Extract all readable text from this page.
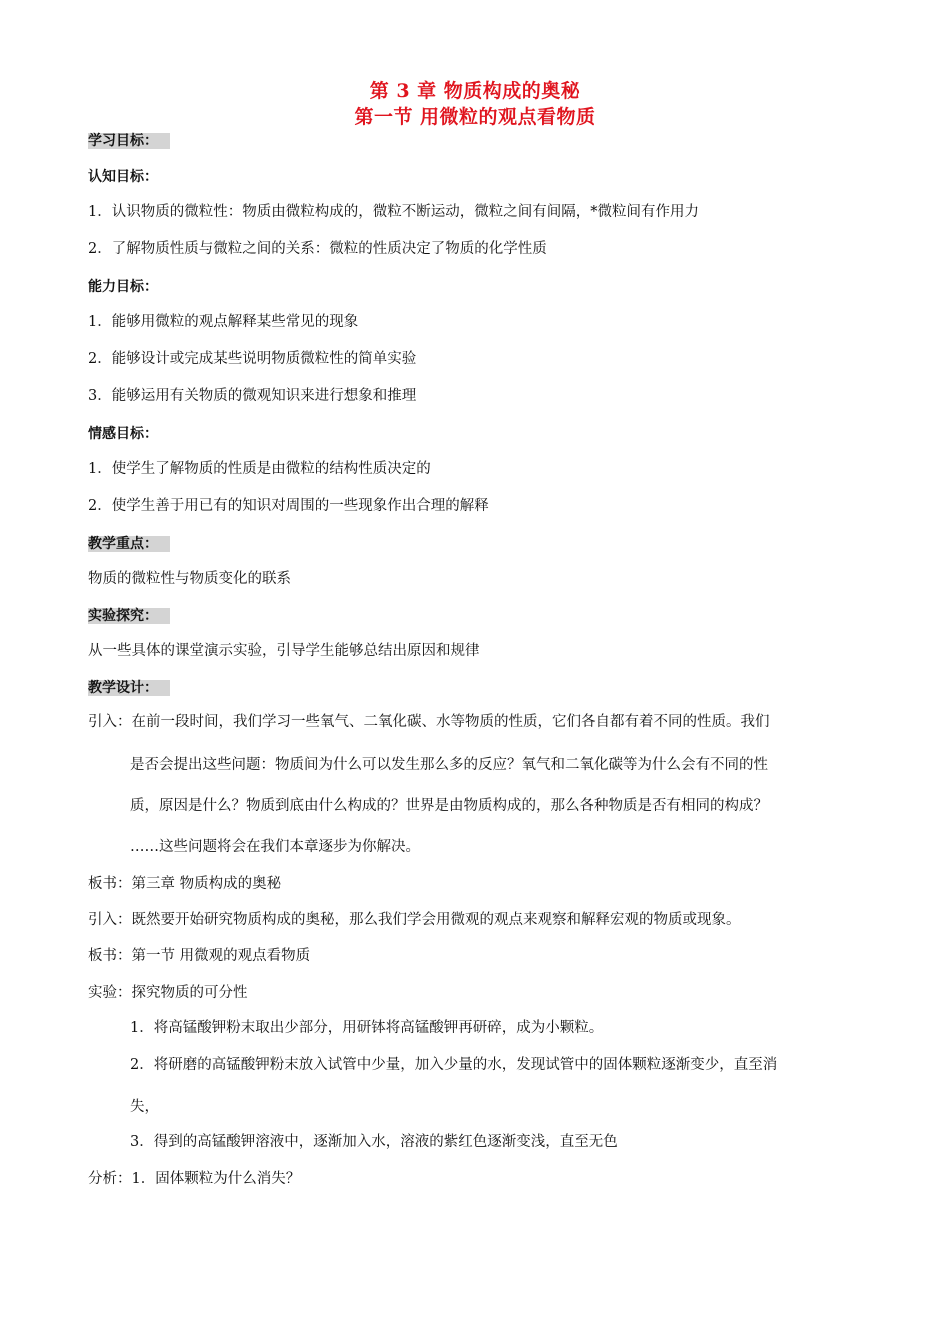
第 3 章 物质构成的奥秘
第一节 用微粒的观点看物质
学习目标：
认知目标：
1．认识物质的微粒性：物质由微粒构成的，微粒不断运动，微粒之间有间隔，*微粒间有作用力
2．了解物质性质与微粒之间的关系：微粒的性质决定了物质的化学性质
能力目标：
1．能够用微粒的观点解释某些常见的现象
2．能够设计或完成某些说明物质微粒性的简单实验
3．能够运用有关物质的微观知识来进行想象和推理
情感目标：
1．使学生了解物质的性质是由微粒的结构性质决定的
2．使学生善于用已有的知识对周围的一些现象作出合理的解释
教学重点：
物质的微粒性与物质变化的联系
实验探究：
从一些具体的课堂演示实验，引导学生能够总结出原因和规律
教学设计：
引入：在前一段时间，我们学习一些氧气、二氧化碳、水等物质的性质，它们各自都有着不同的性质。我们
是否会提出这些问题：物质间为什么可以发生那么多的反应？氧气和二氧化碳等为什么会有不同的性
质，原因是什么？物质到底由什么构成的？世界是由物质构成的，那么各种物质是否有相同的构成？
……这些问题将会在我们本章逐步为你解决。
板书：第三章 物质构成的奥秘
引入：既然要开始研究物质构成的奥秘，那么我们学会用微观的观点来观察和解释宏观的物质或现象。
板书：第一节 用微观的观点看物质
实验：探究物质的可分性
1．将高锰酸钾粉末取出少部分，用研钵将高锰酸钾再研碎，成为小颗粒。
2．将研磨的高锰酸钾粉末放入试管中少量，加入少量的水，发现试管中的固体颗粒逐渐变少，直至消
失，
3．得到的高锰酸钾溶液中，逐渐加入水，溶液的紫红色逐渐变浅，直至无色
分析：1．固体颗粒为什么消失？
